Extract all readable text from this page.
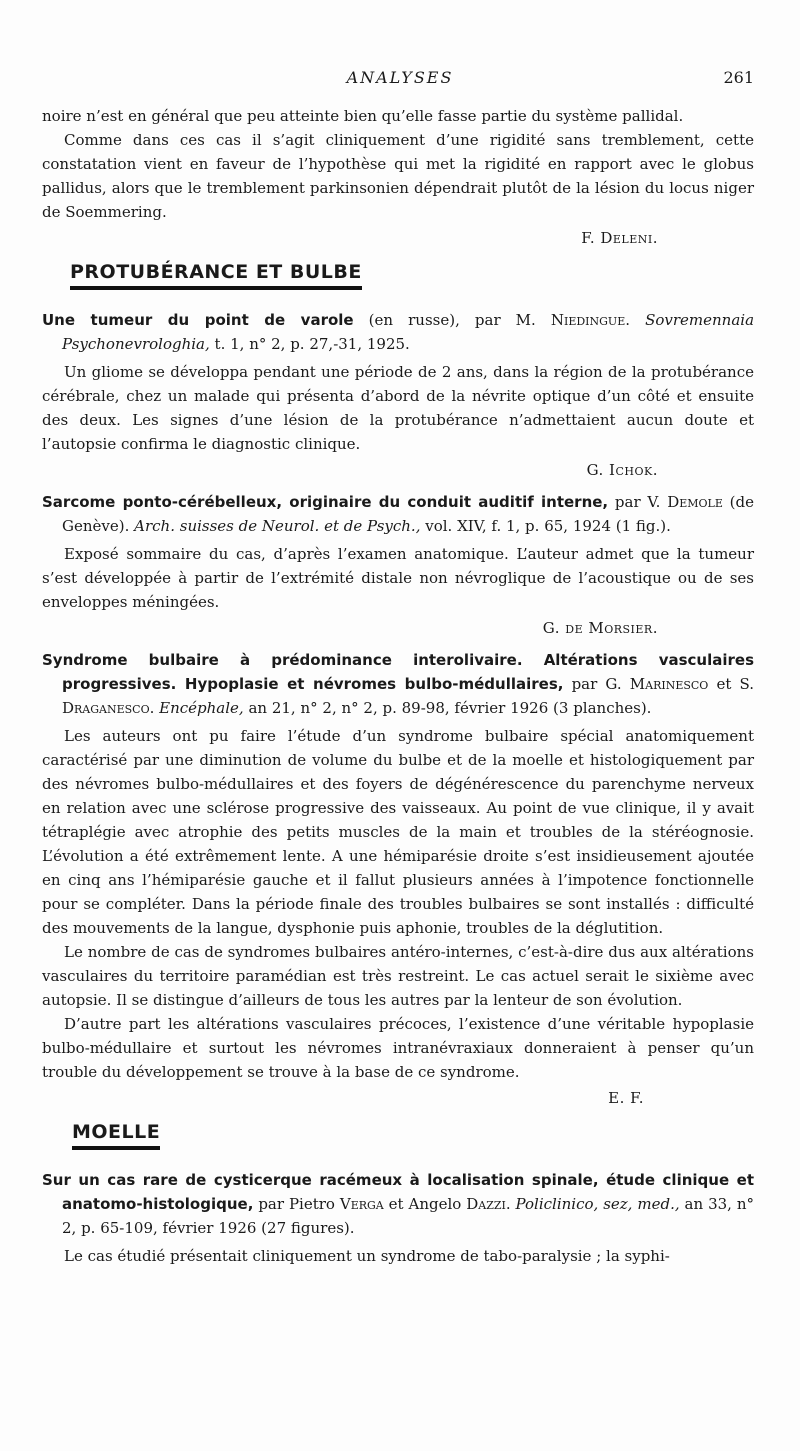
ANALYSES	261

noire n’est en général que peu atteinte bien qu’elle fasse partie du système pallidal.

Comme dans ces cas il s’agit cliniquement d’une rigidité sans tremblement, cette constatation vient en faveur de l’hypothèse qui met la rigidité en rapport avec le globus pallidus, alors que le tremblement parkinsonien dépendrait plutôt de la lésion du locus niger de Soemmering.

F. Deleni.

PROTUBÉRANCE ET BULBE

Une tumeur du point de varole (en russe), par M. Niedingue. Sovremennaia Psychonevrologhia, t. 1, n° 2, p. 27,-31, 1925.

Un gliome se développa pendant une période de 2 ans, dans la région de la protubérance cérébrale, chez un malade qui présenta d’abord de la névrite optique d’un côté et ensuite des deux. Les signes d’une lésion de la protubérance n’admettaient aucun doute et l’autopsie confirma le diagnostic clinique.

G. Ichok.

Sarcome ponto-cérébelleux, originaire du conduit auditif interne, par V. Demole (de Genève). Arch. suisses de Neurol. et de Psych., vol. XIV, f. 1, p. 65, 1924 (1 fig.).

Exposé sommaire du cas, d’après l’examen anatomique. L’auteur admet que la tumeur s’est développée à partir de l’extrémité distale non névroglique de l’acoustique ou de ses enveloppes méningées.

G. de Morsier.

Syndrome bulbaire à prédominance interolivaire. Altérations vasculaires progressives. Hypoplasie et névromes bulbo-médullaires, par G. Marinesco et S. Draganesco. Encéphale, an 21, n° 2, n° 2, p. 89-98, février 1926 (3 planches).

Les auteurs ont pu faire l’étude d’un syndrome bulbaire spécial anatomiquement caractérisé par une diminution de volume du bulbe et de la moelle et histologiquement par des névromes bulbo-médullaires et des foyers de dégénérescence du parenchyme nerveux en relation avec une sclérose progressive des vaisseaux. Au point de vue clinique, il y avait tétraplégie avec atrophie des petits muscles de la main et troubles de la stéréognosie. L’évolution a été extrêmement lente. A une hémiparésie droite s’est insidieusement ajoutée en cinq ans l’hémiparésie gauche et il fallut plusieurs années à l’impotence fonctionnelle pour se compléter. Dans la période finale des troubles bulbaires se sont installés : difficulté des mouvements de la langue, dysphonie puis aphonie, troubles de la déglutition.

Le nombre de cas de syndromes bulbaires antéro-internes, c’est-à-dire dus aux altérations vasculaires du territoire paramédian est très restreint. Le cas actuel serait le sixième avec autopsie. Il se distingue d’ailleurs de tous les autres par la lenteur de son évolution.

D’autre part les altérations vasculaires précoces, l’existence d’une véritable hypoplasie bulbo-médullaire et surtout les névromes intranévraxiaux donneraient à penser qu’un trouble du développement se trouve à la base de ce syndrome.

E. F.

MOELLE

Sur un cas rare de cysticerque racémeux à localisation spinale, étude clinique et anatomo-histologique, par Pietro Verga et Angelo Dazzi. Policlinico, sez, med., an 33, n° 2, p. 65-109, février 1926 (27 figures).

Le cas étudié présentait cliniquement un syndrome de tabo-paralysie ; la syphi-
